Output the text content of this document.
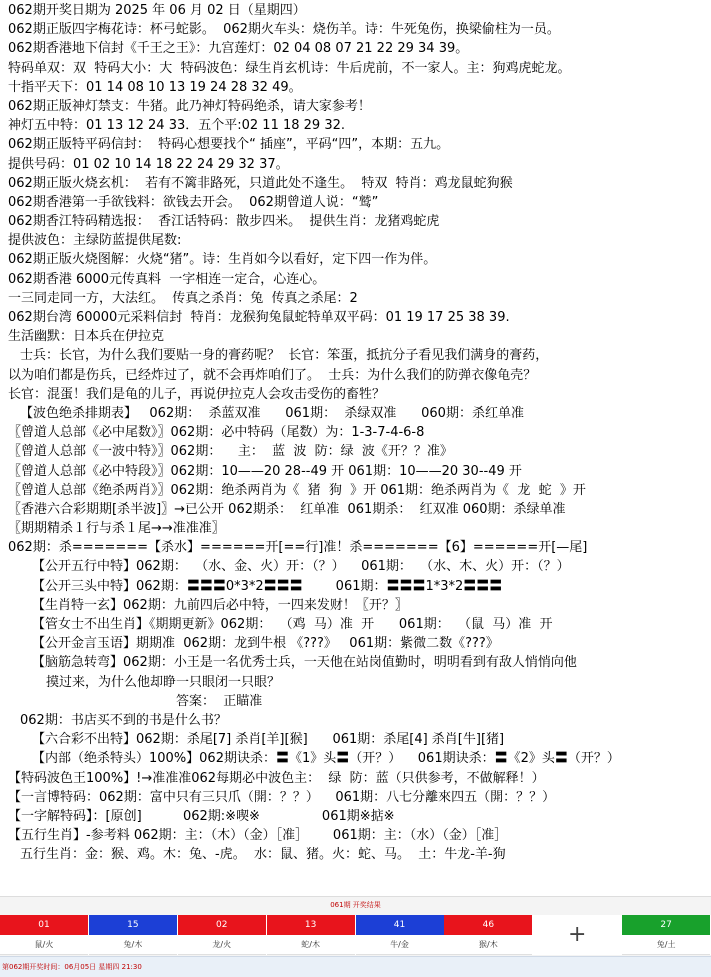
062期开奖日期为 2025 年 06 月 02 日（星期四）
062期正版四字梅花诗：杯弓蛇影。  062期火车头：烧伤羊。诗：牛死兔伤，换梁偷柱为一员。
062期香港地下信封《千王之王》：九宫莲灯：02 04 08 07 21 22 29 34 39。
特码单双：双  特码大小：大  特码波色：绿生肖玄机诗：牛后虎前，不一家人。主：狗鸡虎蛇龙。
十指平天下：01 14 08 10 13 19 24 28 32 49。
062期正版神灯禁支：牛猪。此乃神灯特码绝杀，请大家参考！
神灯五中特：01 13 12 24 33．五个平:02 11 18 29 32.
062期正版特平码信封：  特码心想要找个“ 插座”，平码“四”，本期：五九。
提供号码：01 02 10 14 18 22 24 29 32 37。
062期正版火烧玄机：  若有不篱非路死，只道此处不逢生。  特双  特肖：鸡龙鼠蛇狗猴
062期香港第一手欲钱料：欲钱去开会。  062期曾道人说：“鹫”
062期香江特码精选报：  香江话特码：散步四米。  提供生肖：龙猪鸡蛇虎
提供波色：主绿防蓝提供尾数:
062期正版火烧图解：火烧“猪”。诗：生肖如今以看好，定下四一作为伴。
062期香港 6000元传真料  一字相连一定合，心连心。
一三同走同一方，大法红。  传真之杀肖：兔  传真之杀尾：2
062期台湾 60000元采料信封  特肖：龙猴狗兔鼠蛇特单双平码：01 19 17 25 38 39.
生活幽默：日本兵在伊拉克
士兵：长官，为什么我们要贴一身的膏药呢？  长官：笨蛋，抵抗分子看见我们满身的膏药，
以为咱们都是伤兵，已经炸过了，就不会再炸咱们了。  士兵：为什么我们的防弹衣像龟壳？
长官：混蛋！我们是龟的儿子，再说伊拉克人会攻击受伤的畜牲？
【波色绝杀排期表】   062期：  杀蓝双准      061期：  杀绿双准      060期：杀红单准
〖曾道人总部《必中尾数》〗062期：必中特码（尾数）为：1-3-7-4-6-8
〖曾道人总部《一波中特》〗062期：    主：  蓝  波  防：绿  波《开？？准》
〖曾道人总部《必中特段》〗062期：10——20 28--49 开 061期：10——20 30--49 开
〖曾道人总部《绝杀两肖》〗062期：绝杀两肖为《  猪  狗  》开 061期：绝杀两肖为《  龙  蛇  》开
〖香港六合彩期期[杀半波]〗→已公开 062期杀：  红单准  061期杀：  红双准 060期：杀绿单准
〖期期精杀１行与杀１尾→→准准准〗
062期：杀=======【杀水】======开[==行]准！杀=======【6】======开[—尾]
【公开五行中特】062期：  （水、金、火）开：（？）    061期：  （水、木、火）开：（？）
【公开三头中特】062期：〓〓〓0*3*2〓〓〓        061期：〓〓〓1*3*2〓〓〓
【生肖特一玄】062期：九前四后必中特，一四来发财！〖开？〗
【管女士不出生肖】《期期更新》062期：  （鸡  马）准  开      061期：  （鼠  马）准  开
【公开金言玉语】期期准  062期：龙到牛根 《???》   061期：紫微二数《???》
【脑筋急转弯】062期：小王是一名优秀士兵，一天他在站岗值勤时，明明看到有敌人悄悄向他
摸过来，为什么他却睁一只眼闭一只眼？
答案：  正瞄准
062期：书店买不到的书是什么书？
【六合彩不出特】062期：杀尾[7] 杀肖[羊][猴]      061期：杀尾[4] 杀肖[牛][猪]
【内部（绝杀特头）100%】062期诀杀：〓《1》头〓（开？）    061期诀杀：〓《2》头〓（开？）
【特码波色王100%】!→准准准062每期必中波色主：  绿  防：蓝（只供参考，不做解释！）
【一言博特码：062期：富中只有三只爪（開：？？）    061期：八七分離來四五（開：？？）
【一字解特码】：[原创]          062期:※喫※               061期※掂※
【五行生肖】-参考料 062期：主：（木）（金）［准］      061期：主：（水）（金）［准］
五行生肖：金：猴、鸡。木：兔、-虎。  水：鼠、猪。火：蛇、马。  土：牛龙-羊-狗
061期 开奖结果
01
鼠/火
15
兔/木
02
龙/火
13
蛇/木
41
牛/金
46
猴/木	+	27
兔/土
第062期开奖时间：06月05日 星期四 21:30
